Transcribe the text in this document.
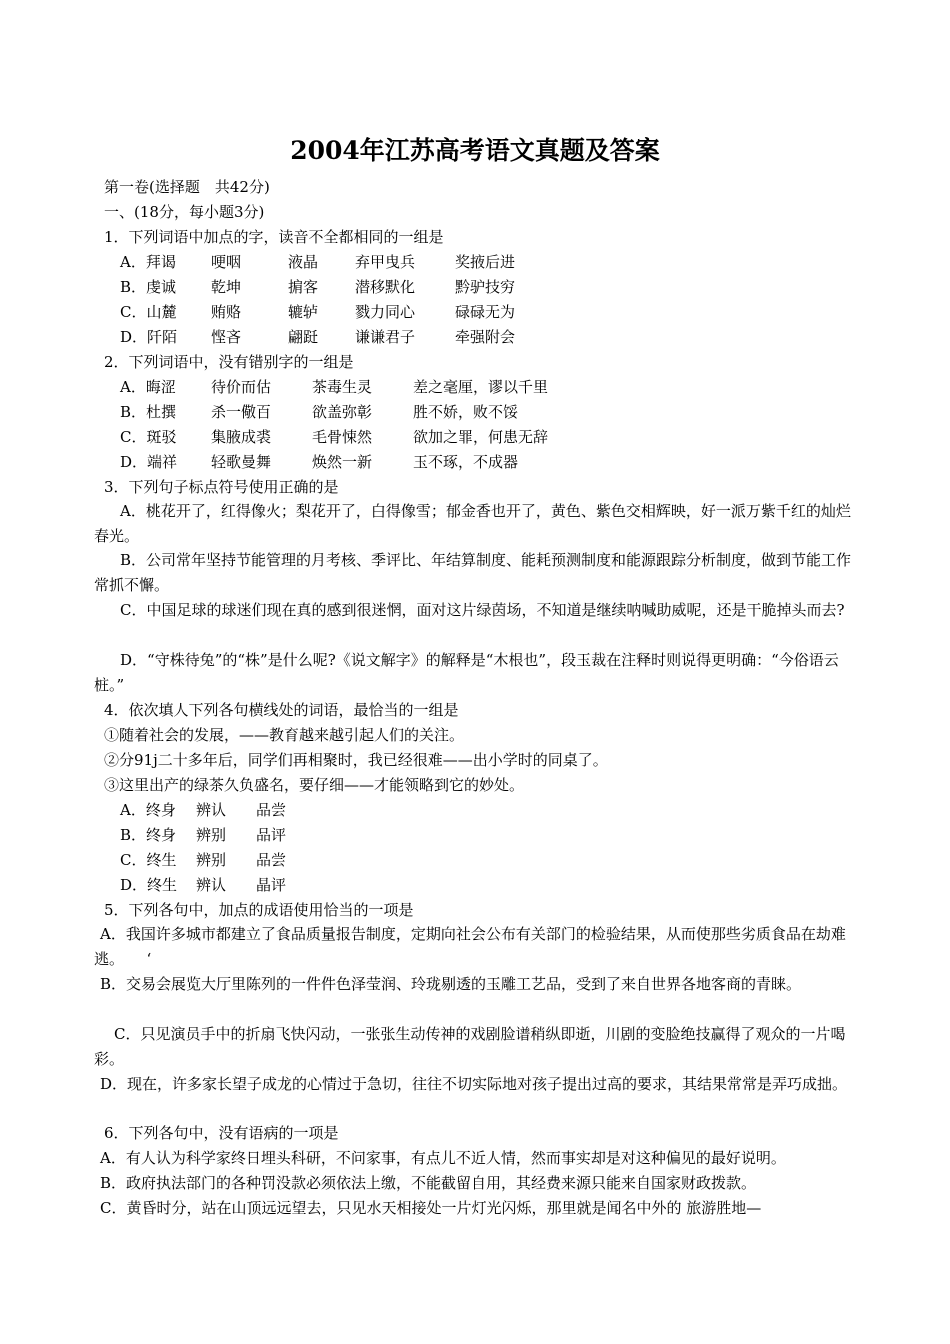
2004年江苏高考语文真题及答案
第一卷(选择题　共42分)
一、(18分，每小题3分)
1．下列词语中加点的字，读音不全都相同的一组是
A．拜谒	哽咽	液晶	弃甲曳兵	奖掖后进
B．虔诚	乾坤	掮客	潜移默化	黔驴技穷
C．山麓	贿赂	辘轳	戮力同心	碌碌无为
D．阡陌	悭吝	翩跹	谦谦君子	牵强附会
2．下列词语中，没有错别字的一组是
A．晦涩	待价而估	茶毒生灵	差之毫厘，谬以千里
B．杜撰	杀一儆百	欲盖弥彰	胜不娇，败不馁
C．斑驳	集腋成裘	毛骨悚然	欲加之罪，何患无辞
D．端祥	轻歌曼舞	焕然一新	玉不琢，不成器
3．下列句子标点符号使用正确的是
A．桃花开了，红得像火；梨花开了，白得像雪；郁金香也开了，黄色、紫色交相辉映，好一派万紫千红的灿烂春光。
B．公司常年坚持节能管理的月考核、季评比、年结算制度、能耗预测制度和能源跟踪分析制度，做到节能工作常抓不懈。
C．中国足球的球迷们现在真的感到很迷惘，面对这片绿茵场，不知道是继续呐喊助威呢，还是干脆掉头而去?
D．“守株待兔”的“株”是什么呢?《说文解字》的解释是“木根也”，段玉裁在注释时则说得更明确：“今俗语云桩。”
4．依次填人下列各句横线处的词语，最恰当的一组是
①随着社会的发展，——教育越来越引起人们的关注。
②分91j二十多年后，同学们再相聚时，我已经很难——出小学时的同桌了。
③这里出产的绿茶久负盛名，要仔细——才能领略到它的妙处。
A．终身	辨认	品尝
B．终身	辨别	品评
C．终生	辨别	品尝
D．终生	辨认	晶评
5．下列各句中，加点的成语使用恰当的一项是
A．我国许多城市都建立了食品质量报告制度，定期向社会公布有关部门的检验结果，从而使那些劣质食品在劫难逃。　　‘
B．交易会展览大厅里陈列的一件件色泽莹润、玲珑剔透的玉雕工艺品，受到了来自世界各地客商的青睐。
C．只见演员手中的折扇飞快闪动，一张张生动传神的戏剧脸谱稍纵即逝，川剧的变脸绝技赢得了观众的一片喝彩。
D．现在，许多家长望子成龙的心情过于急切，往往不切实际地对孩子提出过高的要求，其结果常常是弄巧成拙。
6．下列各句中，没有语病的一项是
A．有人认为科学家终日埋头科研，不问家事，有点儿不近人情，然而事实却是对这种偏见的最好说明。
B．政府执法部门的各种罚没款必须依法上缴，不能截留自用，其经费来源只能来自国家财政拨款。
C．黄昏时分，站在山顶远远望去，只见水天相接处一片灯光闪烁，那里就是闻名中外的 旅游胜地—
